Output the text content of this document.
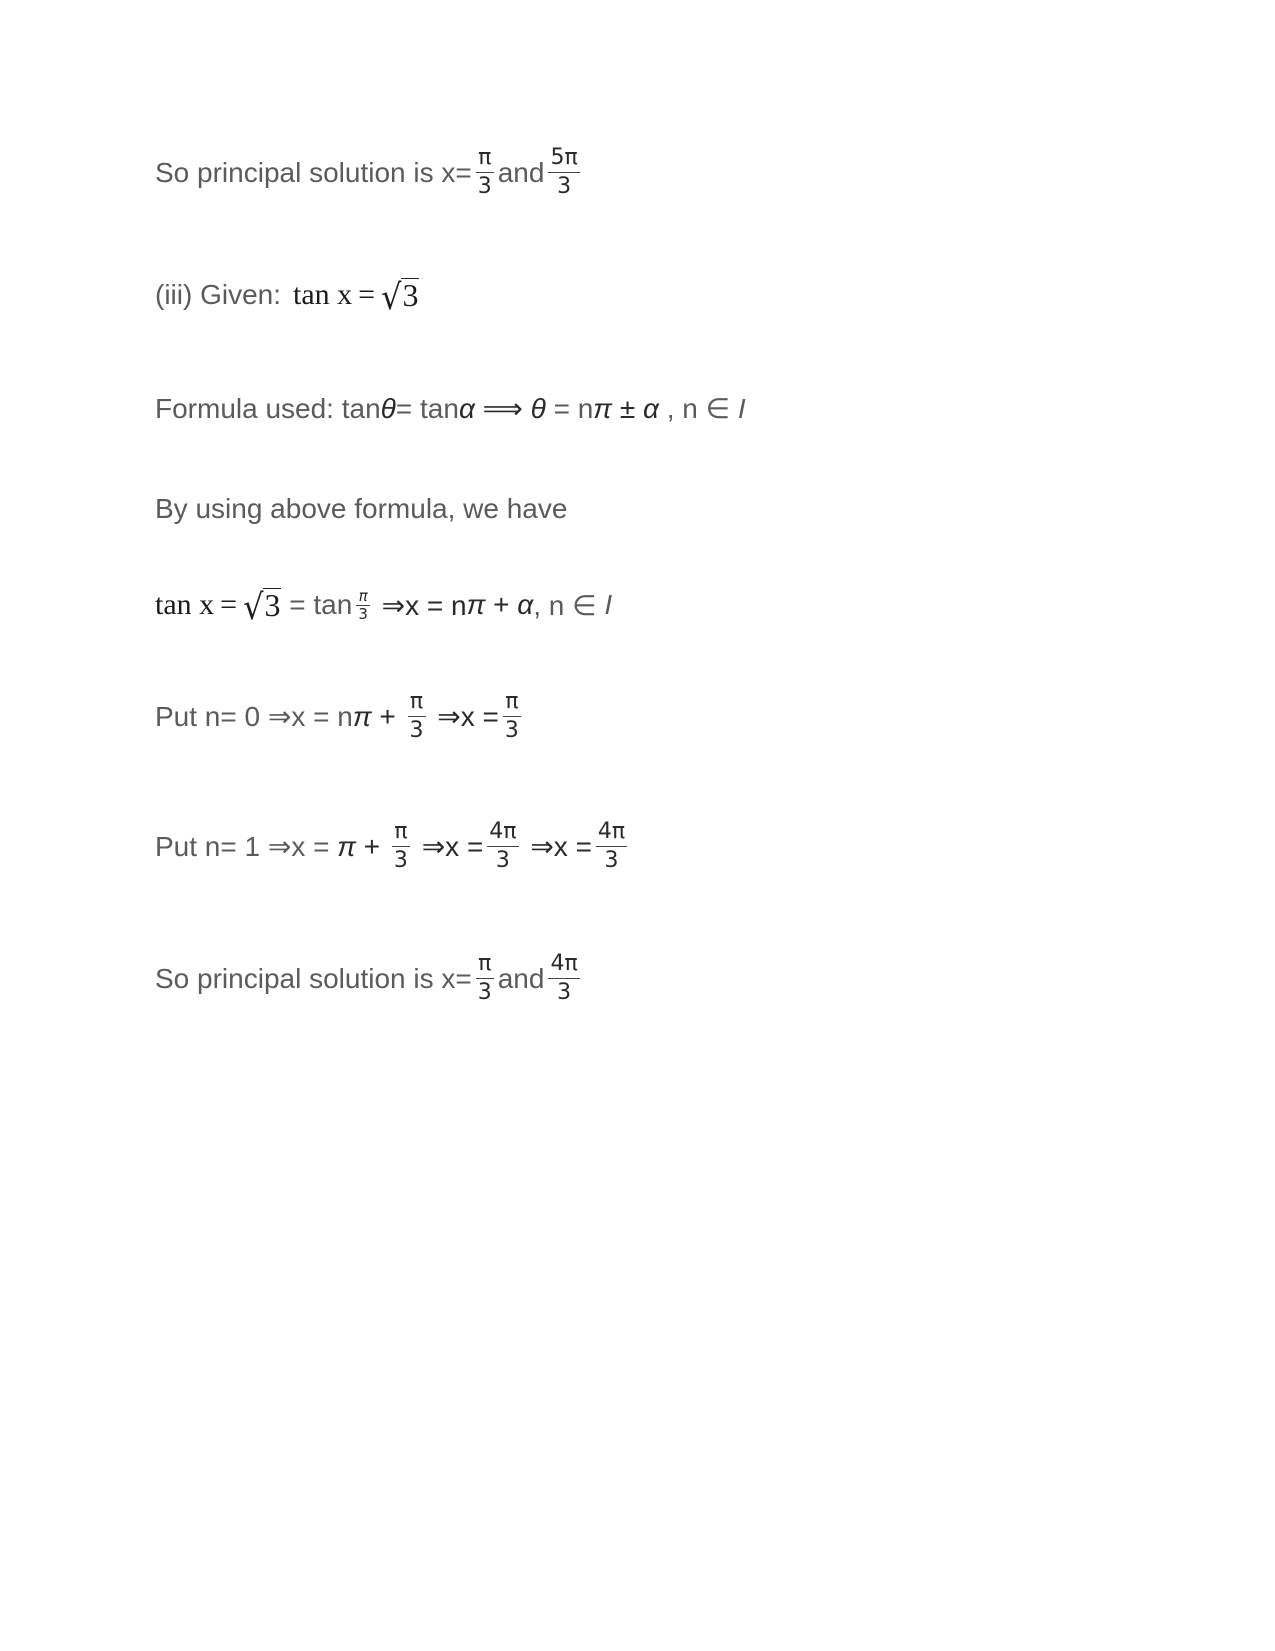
So principal solution is $x= \frac{\pi}{3}$ and $\frac{5\pi}{3}$
(iii) Given: tan x = √ 3
Formula used: tan θ = tan α ⟹ θ = n π ± α , n ∈ I
By using above formula, we have
tan x = √ $3 = \tan \frac{\pi}{3}$ ⇒x = n π + α , n ∈ I
Put n= 0 ⇒x = n $\pi + \frac{\pi}{3}$ ⇒x = $\frac{\pi}{3}$
Put n= 1 ⇒x = $\pi + \frac{\pi}{3}$ ⇒x = $\frac{4\pi}{3}$ ⇒x = $\frac{4\pi}{3}$
So principal solution is $x= \frac{\pi}{3}$ and $\frac{4\pi}{3}$
